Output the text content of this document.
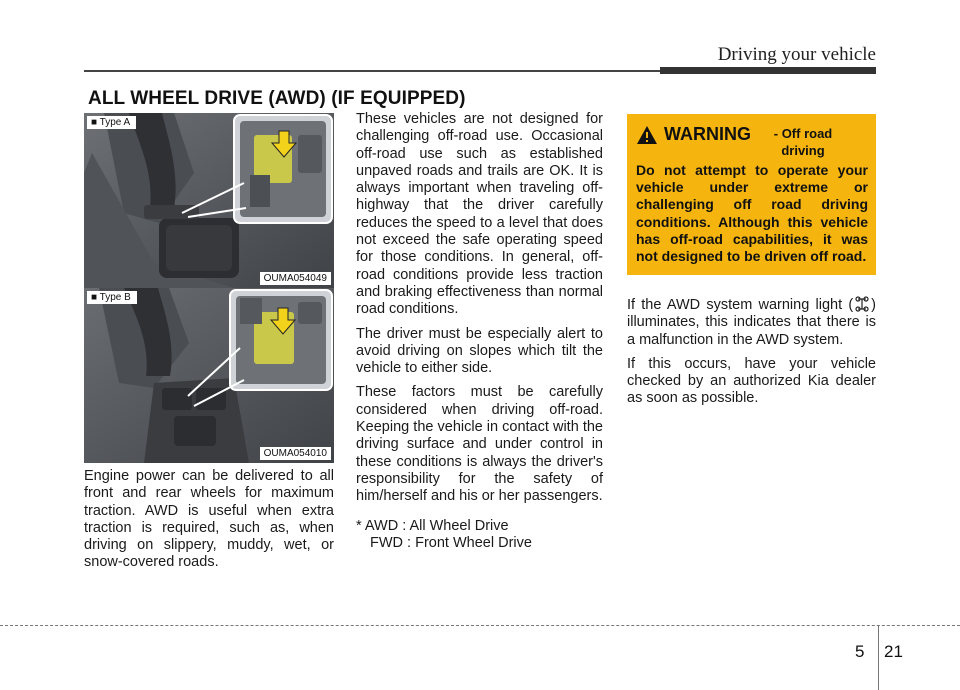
Driving your vehicle
ALL WHEEL DRIVE (AWD) (IF EQUIPPED)
■ Type A
OUMA054049
■ Type B
OUMA054010

Engine power can be delivered to all front and rear wheels for maximum traction. AWD is useful when extra traction is required, such as, when driving on slippery, muddy, wet, or snow-covered roads.

These vehicles are not designed for challenging off-road use. Occasional off-road use such as established unpaved roads and trails are OK. It is always important when traveling off-highway that the driver carefully reduces the speed to a level that does not exceed the safe operating speed for those conditions. In general, off-road conditions provide less traction and braking effectiveness than normal road conditions.

The driver must be especially alert to avoid driving on slopes which tilt the vehicle to either side.

These factors must be carefully considered when driving off-road. Keeping the vehicle in contact with the driving surface and under control in these conditions is always the driver's responsibility for the safety of him/herself and his or her passengers.

* AWD : All Wheel Drive
FWD : Front Wheel Drive

WARNING	- Off road driving
Do not attempt to operate your vehicle under extreme or challenging off road driving conditions. Although this vehicle has off-road capabilities, it was not designed to be driven off road.

If the AWD system warning light ( ) illuminates, this indicates that there is a malfunction in the AWD system.

If this occurs, have your vehicle checked by an authorized Kia dealer as soon as possible.

5 21
